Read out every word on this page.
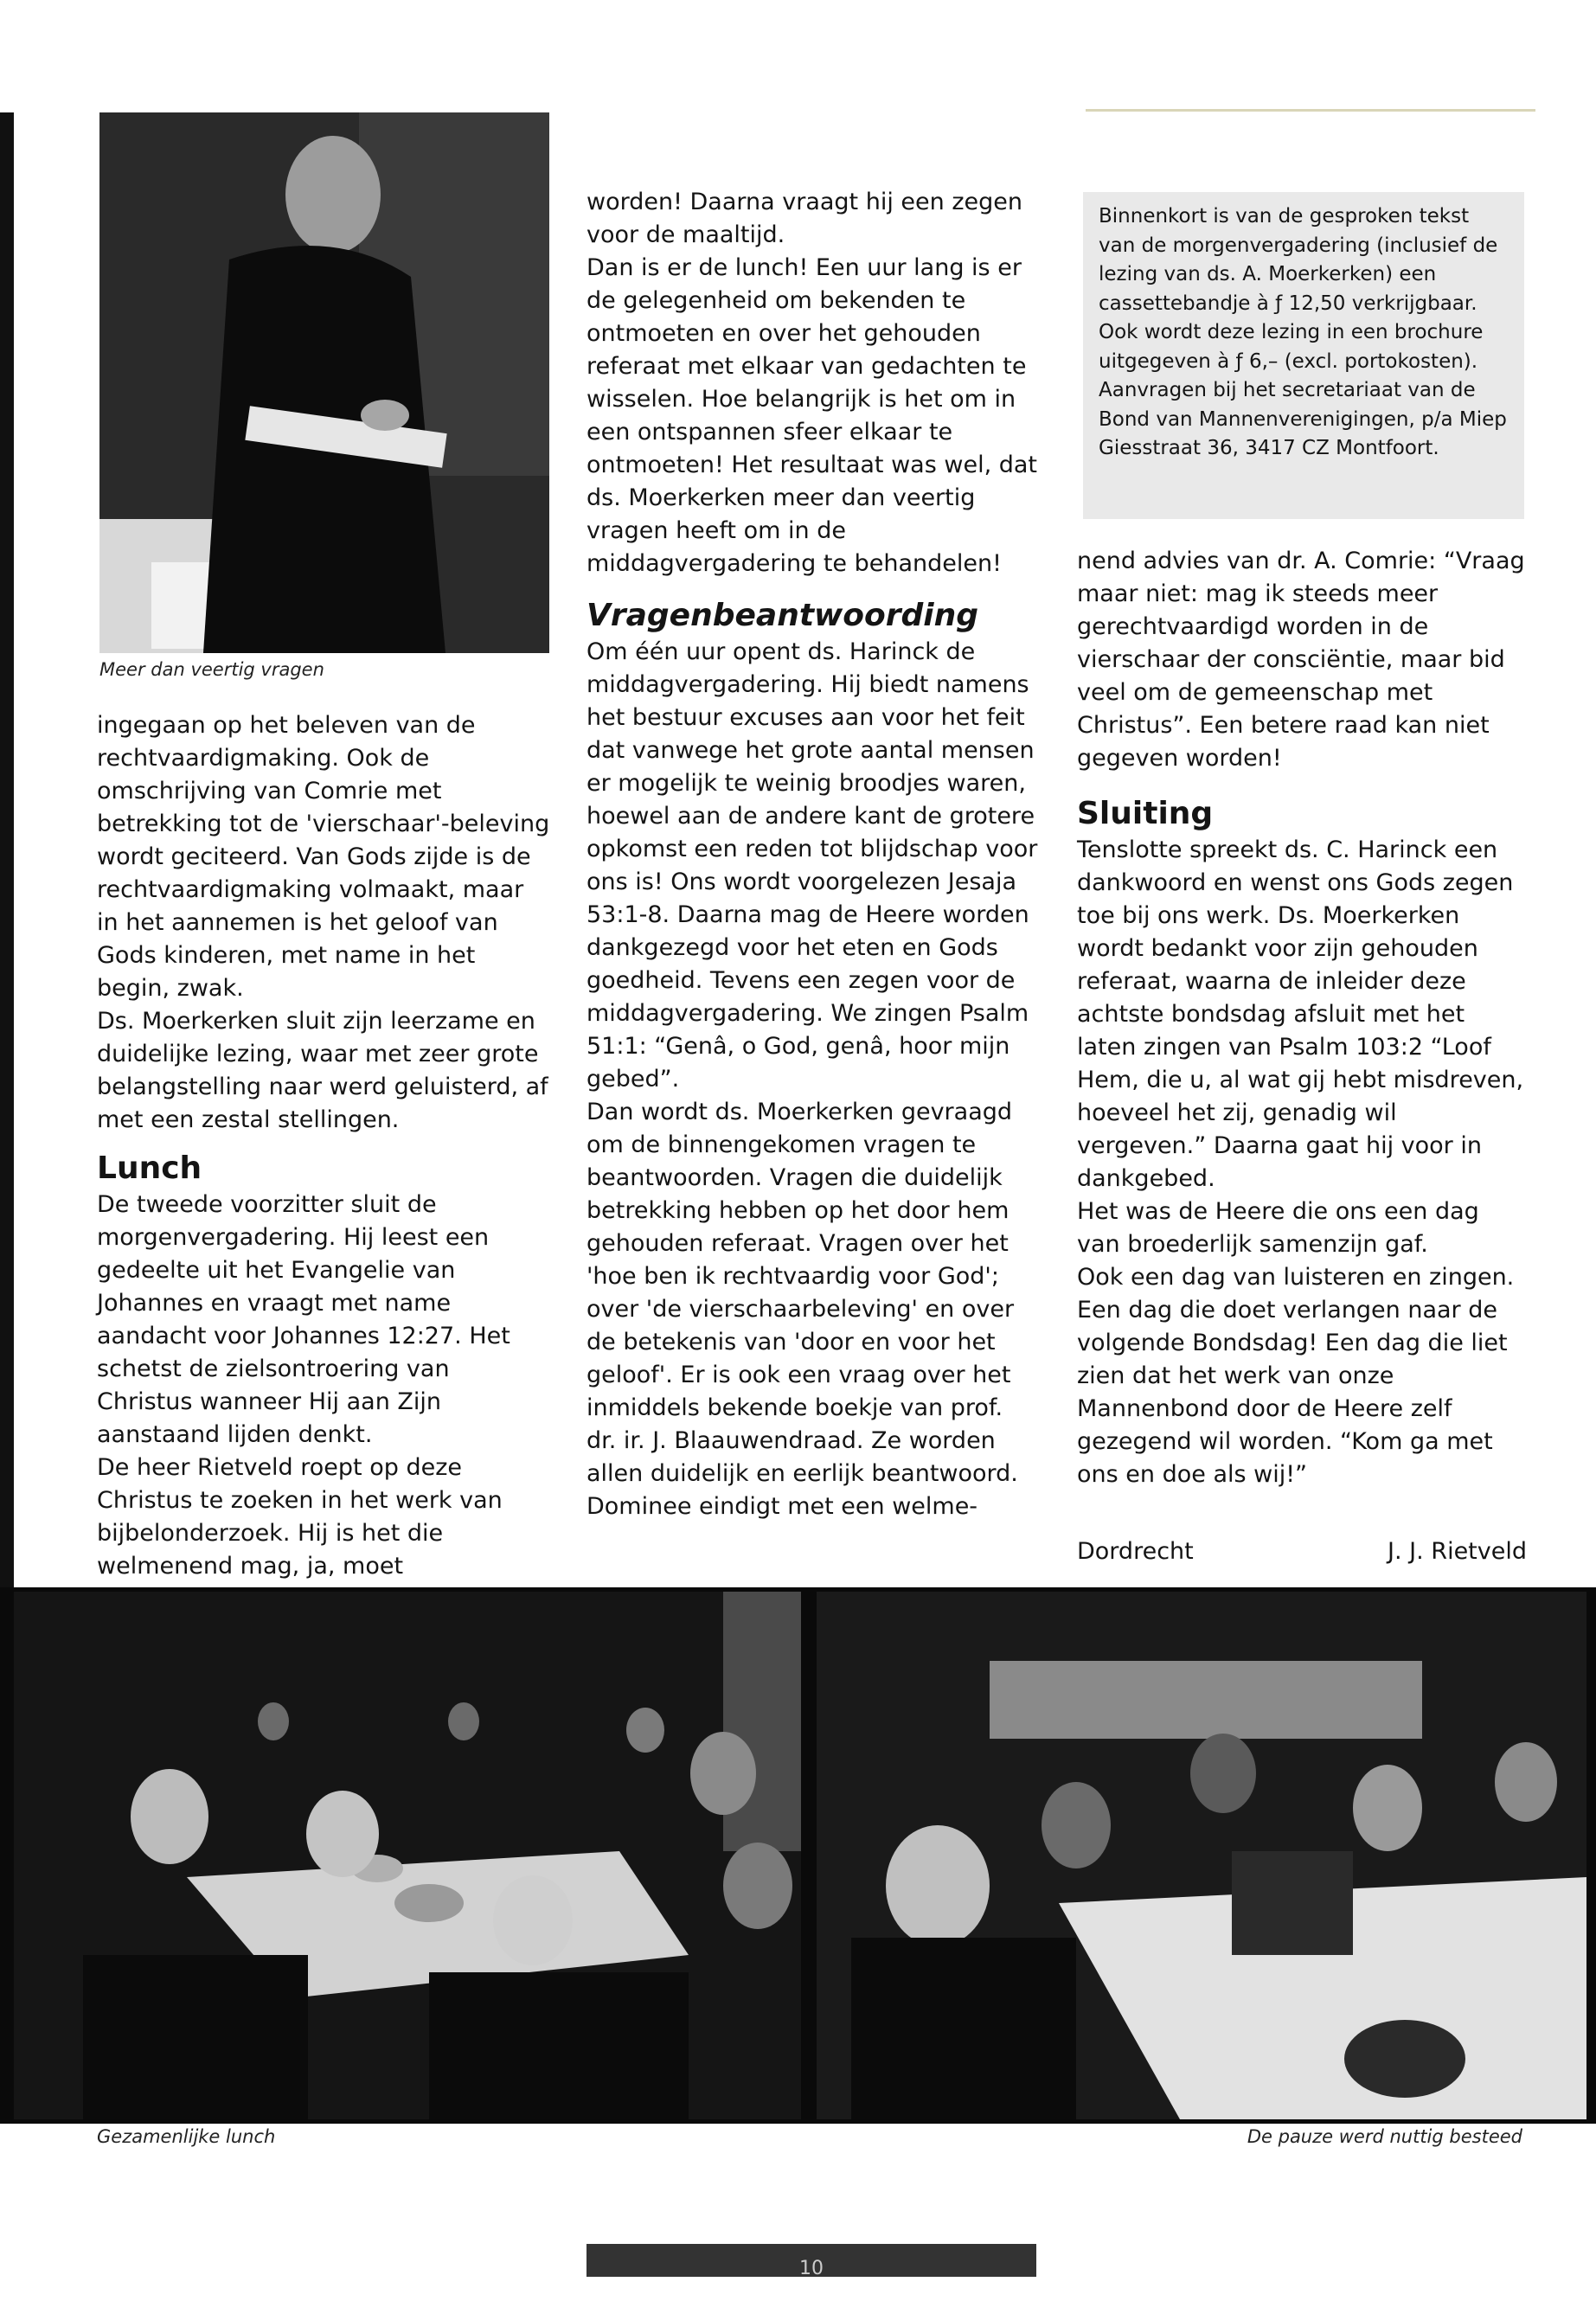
Meer dan veertig vragen

ingegaan op het beleven van de rechtvaardigmaking. Ook de omschrijving van Comrie met betrekking tot de 'vierschaar'-beleving wordt geciteerd. Van Gods zijde is de rechtvaardigmaking volmaakt, maar in het aannemen is het geloof van Gods kinderen, met name in het begin, zwak.

Ds. Moerkerken sluit zijn leerzame en duidelijke lezing, waar met zeer grote belangstelling naar werd geluisterd, af met een zestal stellingen.

Lunch

De tweede voorzitter sluit de morgenvergadering. Hij leest een gedeelte uit het Evangelie van Johannes en vraagt met name aandacht voor Johannes 12:27. Het schetst de zielsontroering van Christus wanneer Hij aan Zijn aanstaand lijden denkt.

De heer Rietveld roept op deze Christus te zoeken in het werk van bijbelonderzoek. Hij is het die welmenend mag, ja, moet

worden! Daarna vraagt hij een zegen voor de maaltijd.

Dan is er de lunch! Een uur lang is er de gelegenheid om bekenden te ontmoeten en over het gehouden referaat met elkaar van gedachten te wisselen. Hoe belangrijk is het om in een ontspannen sfeer elkaar te ontmoeten! Het resultaat was wel, dat ds. Moerkerken meer dan veertig vragen heeft om in de middagvergadering te behandelen!

Vragenbeantwoording

Om één uur opent ds. Harinck de middagvergadering. Hij biedt namens het bestuur excuses aan voor het feit dat vanwege het grote aantal mensen er mogelijk te weinig broodjes waren, hoewel aan de andere kant de grotere opkomst een reden tot blijdschap voor ons is! Ons wordt voorgelezen Jesaja 53:1-8. Daarna mag de Heere worden dankgezegd voor het eten en Gods goedheid. Tevens een zegen voor de middagvergadering. We zingen Psalm 51:1: “Genâ, o God, genâ, hoor mijn gebed”.

Dan wordt ds. Moerkerken gevraagd om de binnengekomen vragen te beantwoorden. Vragen die duidelijk betrekking hebben op het door hem gehouden referaat. Vragen over het 'hoe ben ik rechtvaardig voor God'; over 'de vierschaarbeleving' en over de betekenis van 'door en voor het geloof'. Er is ook een vraag over het inmiddels bekende boekje van prof. dr. ir. J. Blaauwendraad. Ze worden allen duidelijk en eerlijk beantwoord. Dominee eindigt met een welme-

Binnenkort is van de gesproken tekst van de morgenvergadering (inclusief de lezing van ds. A. Moerkerken) een cassettebandje à ƒ 12,50 verkrijgbaar. Ook wordt deze lezing in een brochure uitgegeven à ƒ 6,– (excl. portokosten). Aanvragen bij het secretariaat van de Bond van Mannenverenigingen, p/a Miep Giesstraat 36, 3417 CZ Montfoort.

nend advies van dr. A. Comrie: “Vraag maar niet: mag ik steeds meer gerechtvaardigd worden in de vierschaar der consciëntie, maar bid veel om de gemeenschap met Christus”. Een betere raad kan niet gegeven worden!

Sluiting

Tenslotte spreekt ds. C. Harinck een dankwoord en wenst ons Gods zegen toe bij ons werk. Ds. Moerkerken wordt bedankt voor zijn gehouden referaat, waarna de inleider deze achtste bondsdag afsluit met het laten zingen van Psalm 103:2 “Loof Hem, die u, al wat gij hebt misdreven, hoeveel het zij, genadig wil vergeven.” Daarna gaat hij voor in dankgebed.

Het was de Heere die ons een dag van broederlijk samenzijn gaf.

Ook een dag van luisteren en zingen. Een dag die doet verlangen naar de volgende Bondsdag! Een dag die liet zien dat het werk van onze Mannenbond door de Heere zelf gezegend wil worden. “Kom ga met ons en doe als wij!”

Dordrecht	J. J. Rietveld
Gezamenlijke lunch	De pauze werd nuttig besteed
10
